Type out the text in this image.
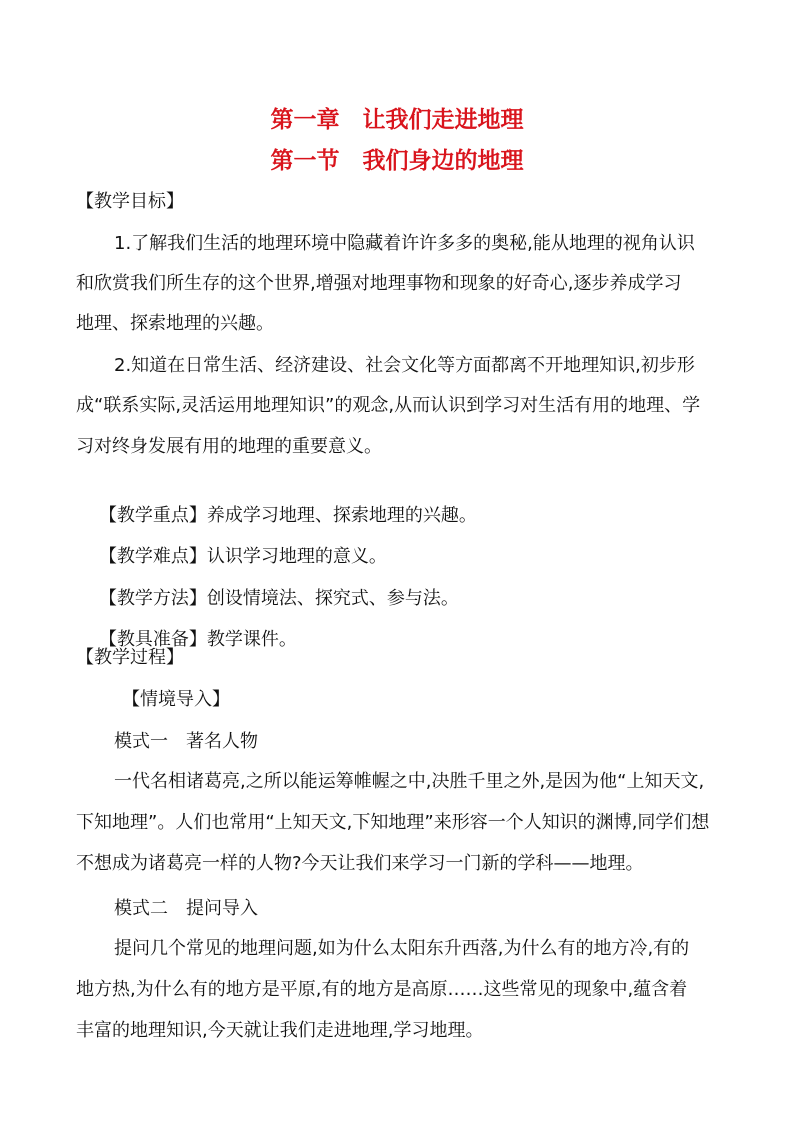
第一章　让我们走进地理
第一节　我们身边的地理
【教学目标】
1.了解我们生活的地理环境中隐藏着许许多多的奥秘,能从地理的视角认识
和欣赏我们所生存的这个世界,增强对地理事物和现象的好奇心,逐步养成学习
地理、探索地理的兴趣。
2.知道在日常生活、经济建设、社会文化等方面都离不开地理知识,初步形
成“联系实际,灵活运用地理知识”的观念,从而认识到学习对生活有用的地理、学
习对终身发展有用的地理的重要意义。

【教学重点】养成学习地理、探索地理的兴趣。

【教学难点】认识学习地理的意义。

【教学方法】创设情境法、探究式、参与法。

【教具准备】教学课件。

【教学过程】
【情境导入】
模式一　著名人物
一代名相诸葛亮,之所以能运筹帷幄之中,决胜千里之外,是因为他“上知天文,
下知地理”。人们也常用“上知天文,下知地理”来形容一个人知识的渊博,同学们想
不想成为诸葛亮一样的人物?今天让我们来学习一门新的学科——地理。
模式二　提问导入
提问几个常见的地理问题,如为什么太阳东升西落,为什么有的地方冷,有的
地方热,为什么有的地方是平原,有的地方是高原……这些常见的现象中,蕴含着
丰富的地理知识,今天就让我们走进地理,学习地理。
